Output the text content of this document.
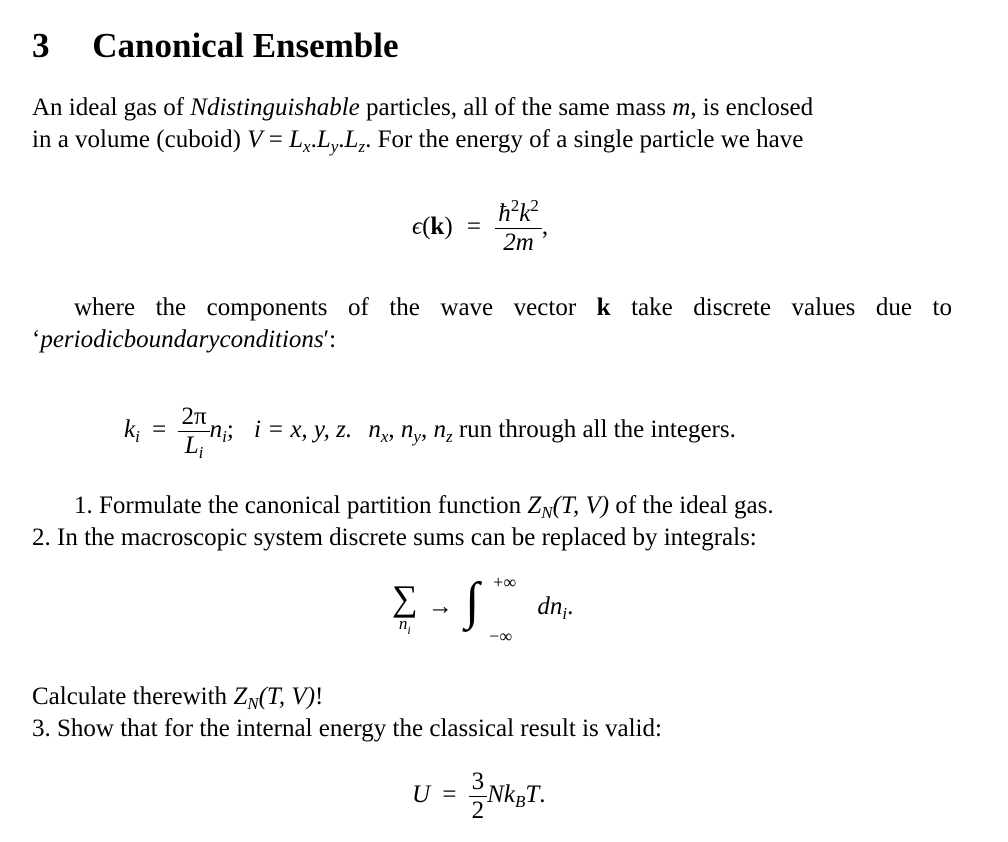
3 Canonical Ensemble
An ideal gas of Ndistinguishable particles, all of the same mass m, is enclosed
in a volume (cuboid) $V = L_x.L_y.L_z$. For the energy of a single particle we have
$\epsilon(k) = \frac{ħ^2k^2}{2m}$ ,
where the components of the wave vector k take discrete values due to
‘periodicboundaryconditions′:
$k_i = \frac{2\pi}{L_i} n_i$; i = x, y, z. $n_x$, $n_y$, $n_z$ run through all the integers.
1. Formulate the canonical partition function $Z_N(T$, V) of the ideal gas.
2. In the macroscopic system discrete sums can be replaced by integrals:
∑
$n_i$
→ ∫ +∞
−∞
$dn_i$.
Calculate therewith $Z_N(T$, V)!
3. Show that for the internal energy the classical result is valid:
$U = \frac{3}{2} Nk_BT$.
